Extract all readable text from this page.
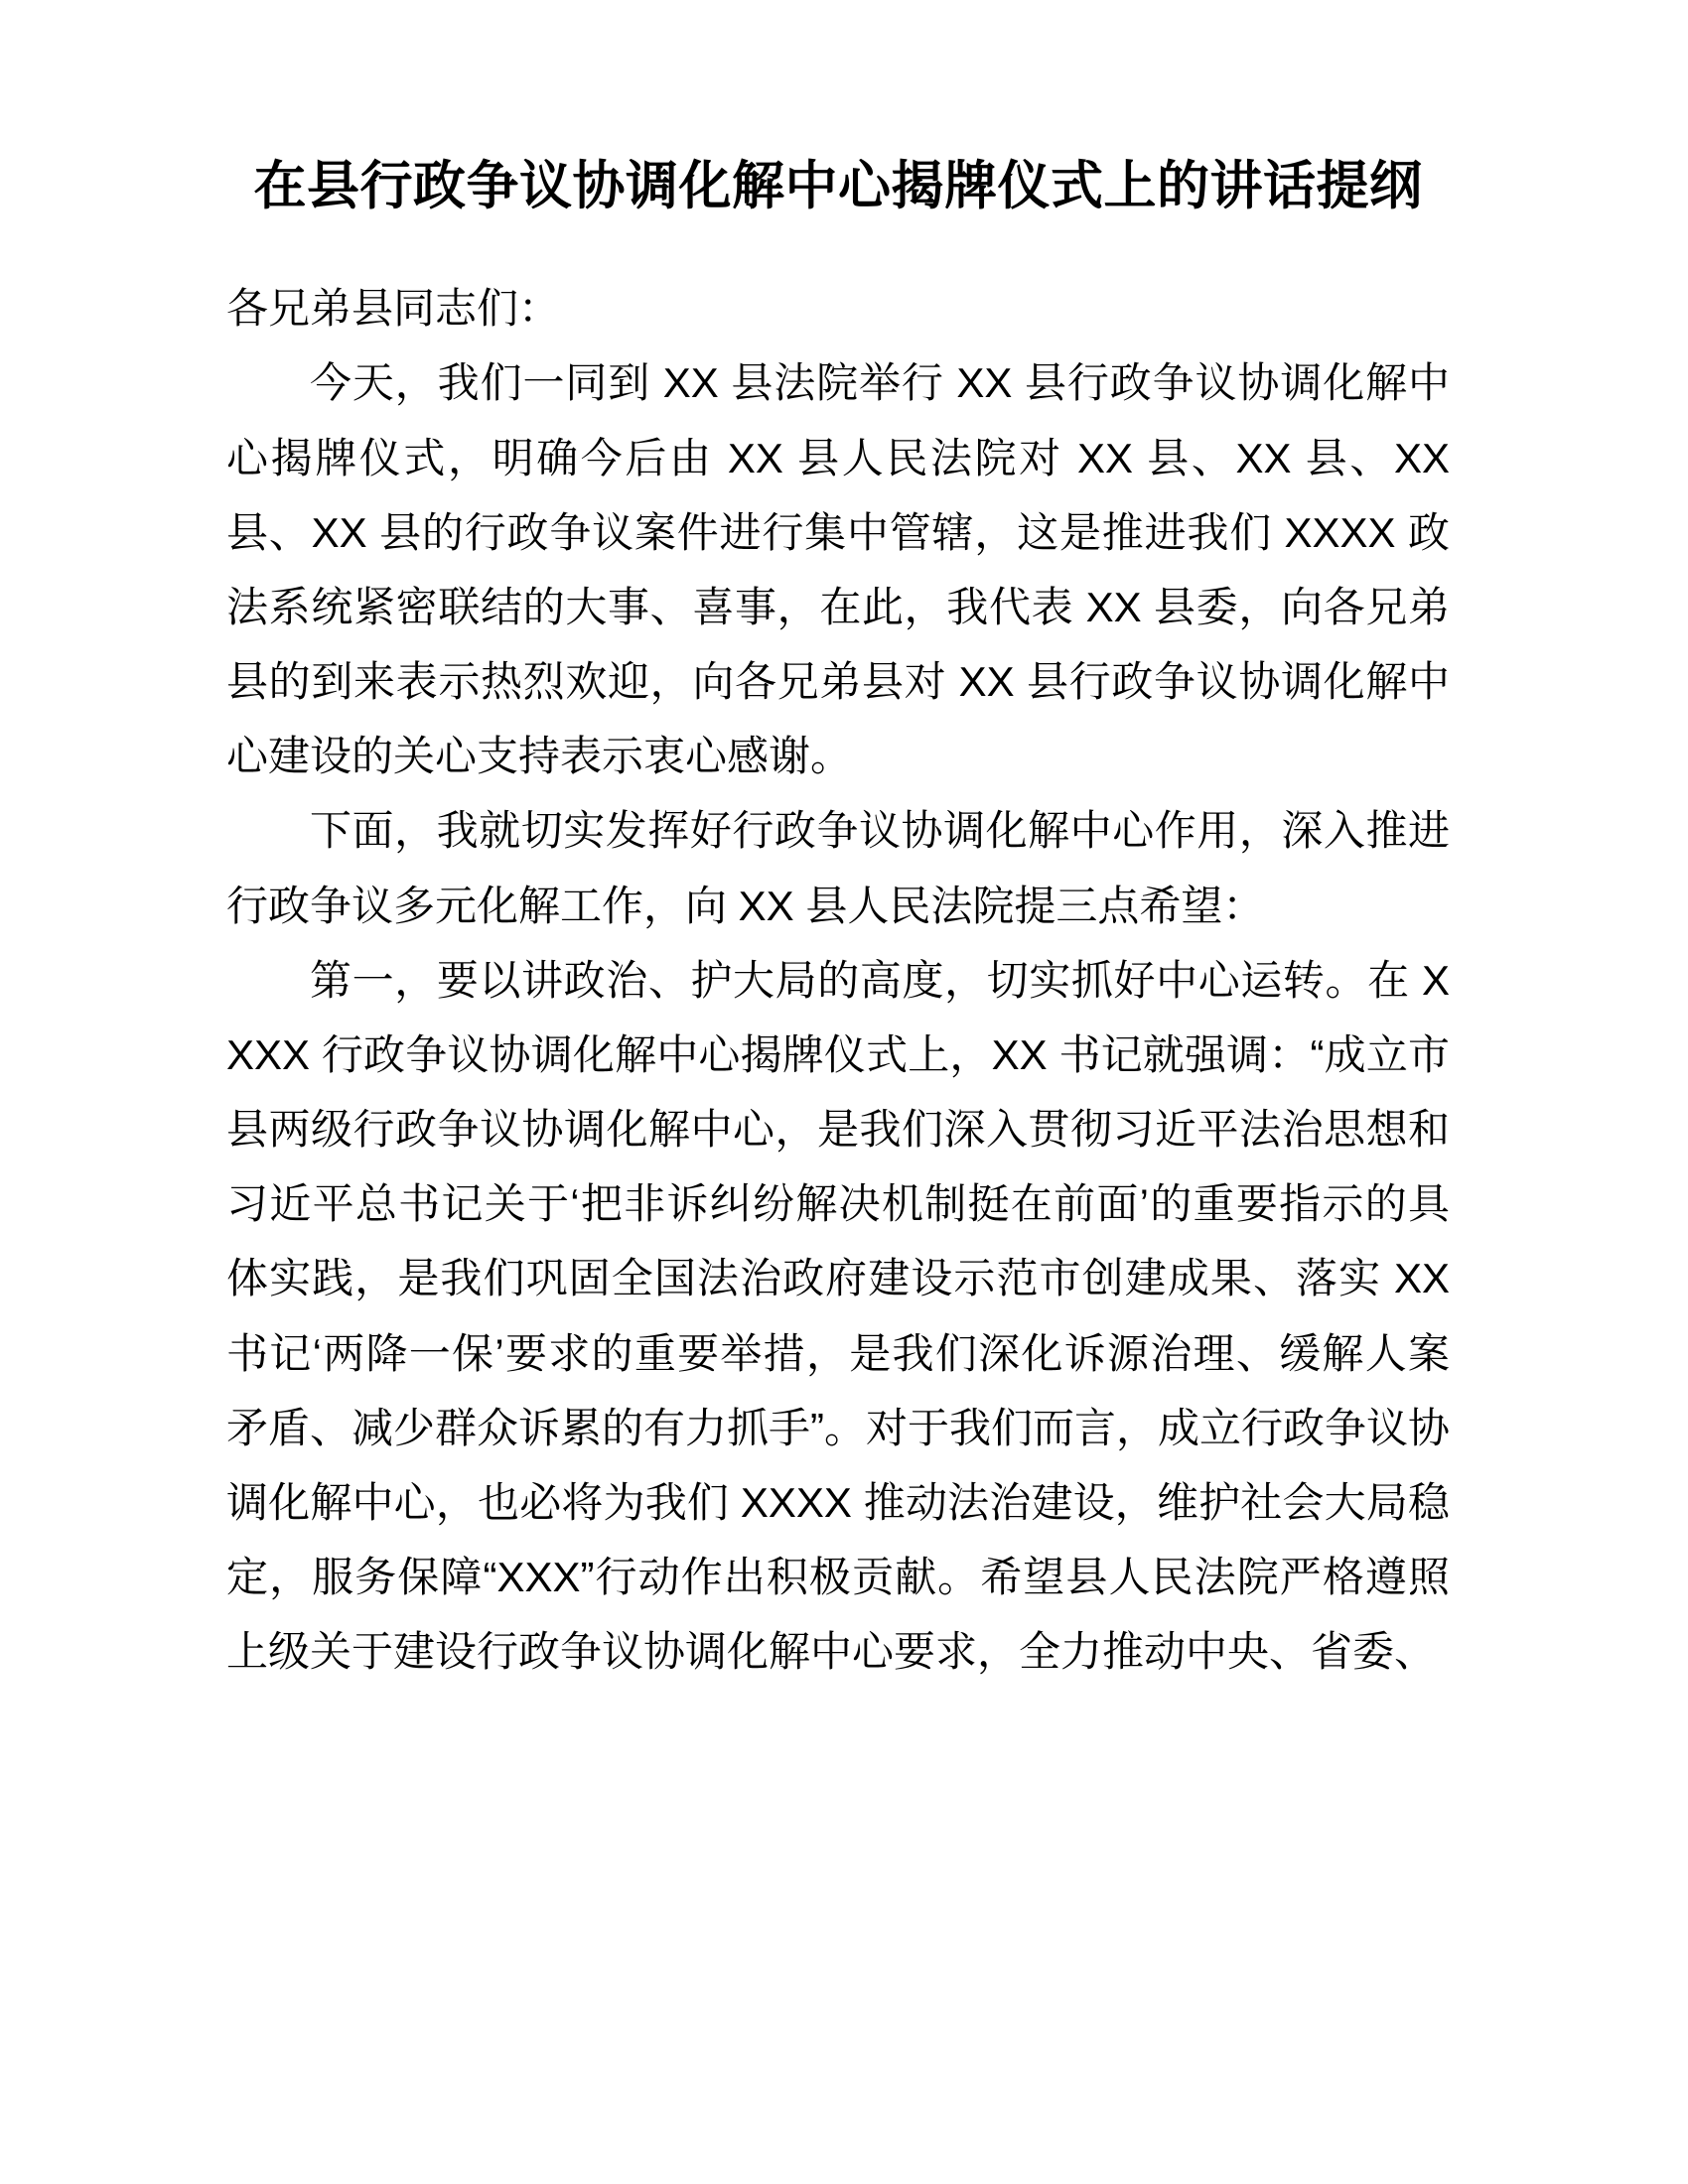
在县行政争议协调化解中心揭牌仪式上的讲话提纲

各兄弟县同志们：

今天，我们一同到 XX 县法院举行 XX 县行政争议协调化解中心揭牌仪式，明确今后由 XX 县人民法院对 XX 县、XX 县、XX 县、XX 县的行政争议案件进行集中管辖，这是推进我们 XXXX 政法系统紧密联结的大事、喜事，在此，我代表 XX 县委，向各兄弟县的到来表示热烈欢迎，向各兄弟县对 XX 县行政争议协调化解中心建设的关心支持表示衷心感谢。

下面，我就切实发挥好行政争议协调化解中心作用，深入推进行政争议多元化解工作，向 XX 县人民法院提三点希望：

第一，要以讲政治、护大局的高度，切实抓好中心运转。在 XXXX 行政争议协调化解中心揭牌仪式上，XX 书记就强调：“成立市县两级行政争议协调化解中心，是我们深入贯彻习近平法治思想和习近平总书记关于‘把非诉纠纷解决机制挺在前面’的重要指示的具体实践，是我们巩固全国法治政府建设示范市创建成果、落实 XX 书记‘两降一保’要求的重要举措，是我们深化诉源治理、缓解人案矛盾、减少群众诉累的有力抓手”。对于我们而言，成立行政争议协调化解中心，也必将为我们 XXXX 推动法治建设，维护社会大局稳定，服务保障“XXX”行动作出积极贡献。希望县人民法院严格遵照上级关于建设行政争议协调化解中心要求，全力推动中央、省委、
